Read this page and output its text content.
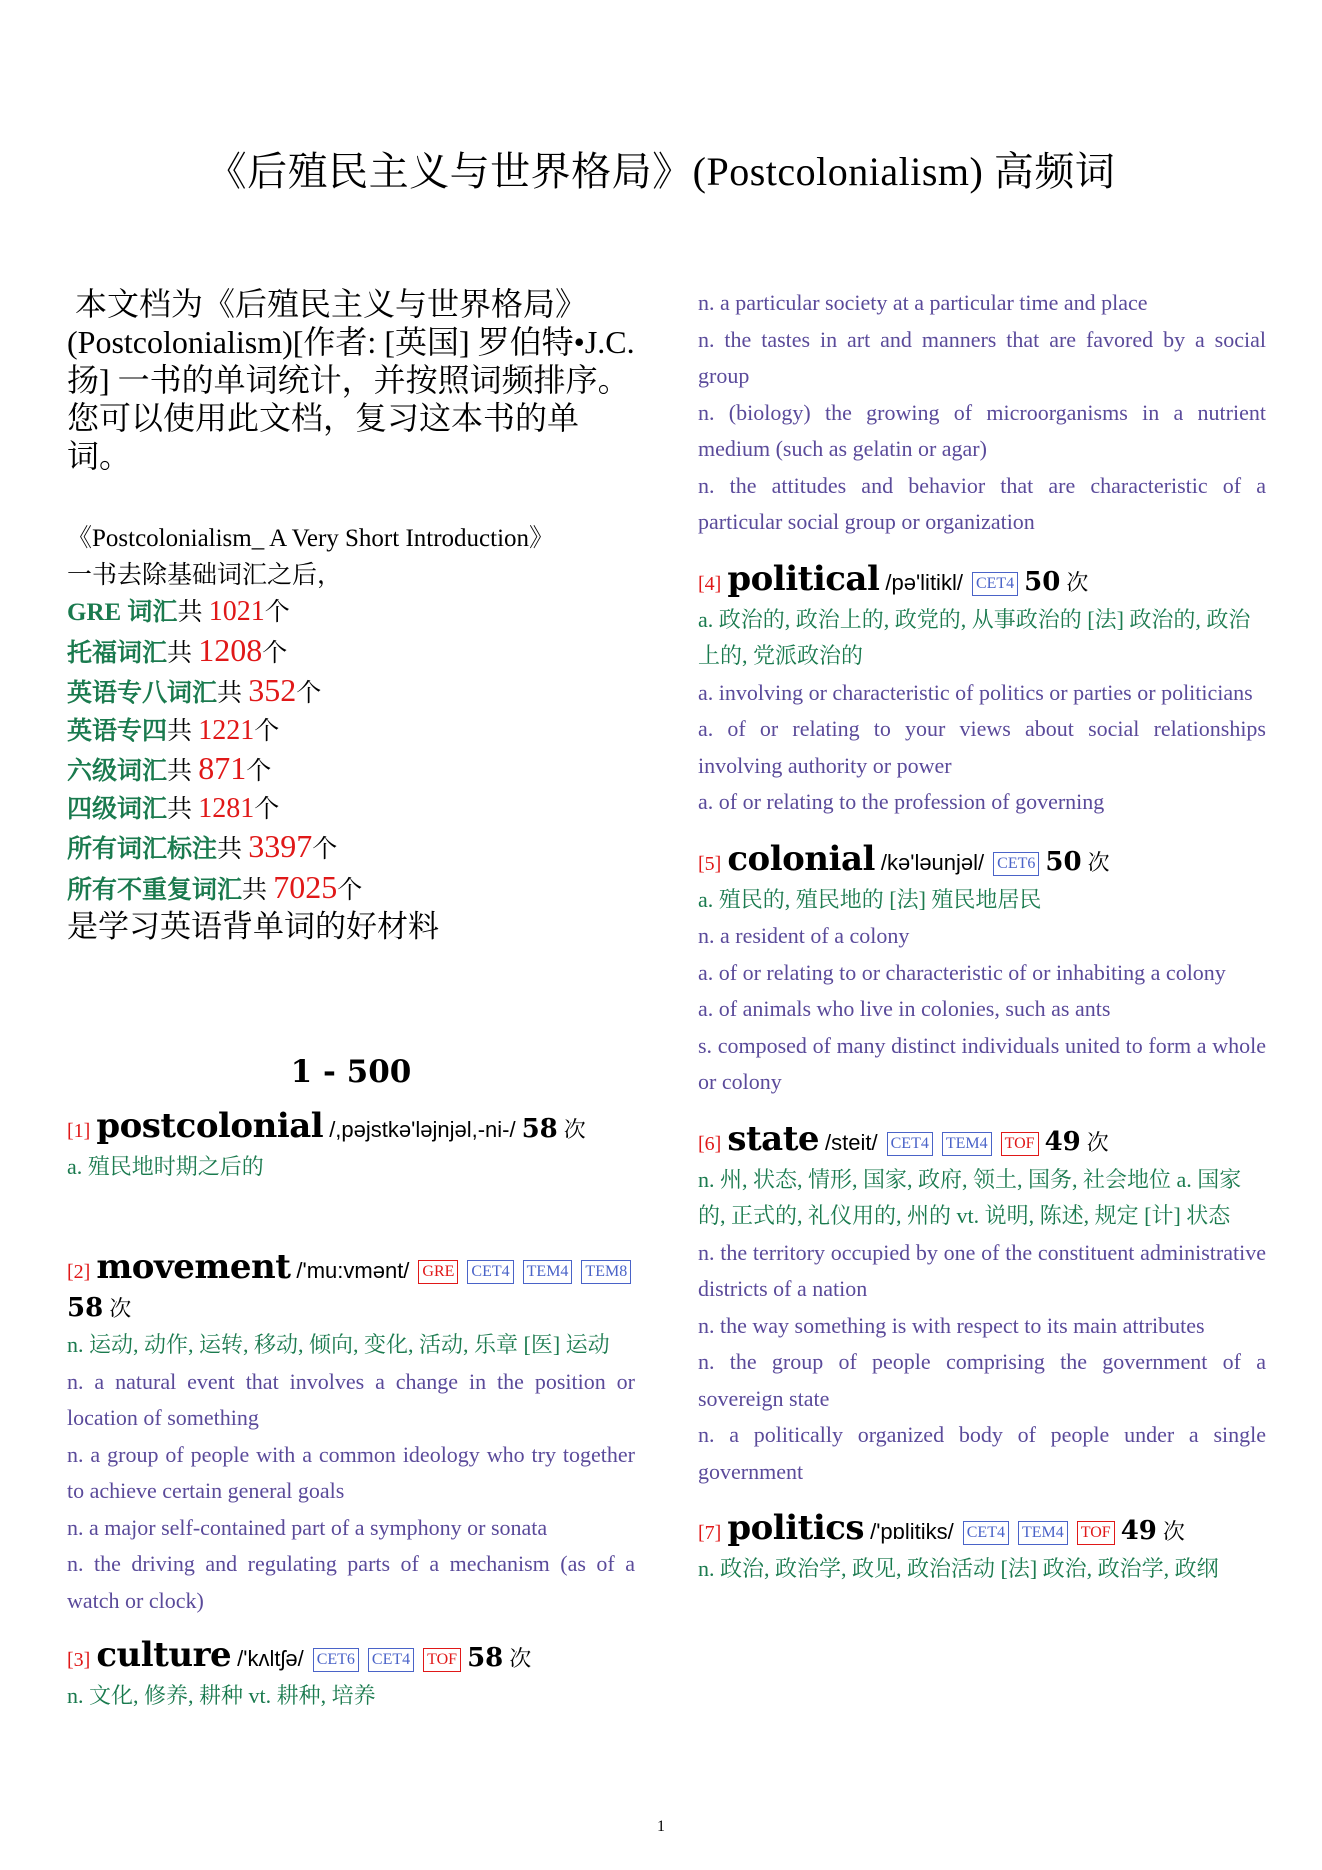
《后殖民主义与世界格局》(Postcolonialism) 高频词

本文档为《后殖民主义与世界格局》(Postcolonialism)[作者: [英国] 罗伯特•J.C. 扬] 一书的单词统计，并按照词频排序。

您可以使用此文档，复习这本书的单词。

《Postcolonialism_ A Very Short Introduction》
一书去除基础词汇之后，
GRE 词汇共 1021个
托福词汇共 1208个
英语专八词汇共 352个
英语专四共 1221个
六级词汇共 871个
四级词汇共 1281个
所有词汇标注共 3397个
所有不重复词汇共 7025个
是学习英语背单词的好材料
1 - 500
[1] postcolonial /,pəjstkə'ləjnjəl,-ni-/ 58 次
a. 殖民地时期之后的
[2] movement /'mu:vmənt/ GRE CET4 TEM4 TEM8 58 次
n. 运动, 动作, 运转, 移动, 倾向, 变化, 活动, 乐章 [医] 运动
n. a natural event that involves a change in the position or location of something
n. a group of people with a common ideology who try together to achieve certain general goals
n. a major self-contained part of a symphony or sonata
n. the driving and regulating parts of a mechanism (as of a watch or clock)
[3] culture /'kʌltʃə/ CET6 CET4 TOF 58 次
n. 文化, 修养, 耕种 vt. 耕种, 培养
n. a particular society at a particular time and place
n. the tastes in art and manners that are favored by a social group
n. (biology) the growing of microorganisms in a nutrient medium (such as gelatin or agar)
n. the attitudes and behavior that are characteristic of a particular social group or organization
[4] political /pə'litikl/ CET4 50 次
a. 政治的, 政治上的, 政党的, 从事政治的 [法] 政治的, 政治上的, 党派政治的
a. involving or characteristic of politics or parties or politicians
a. of or relating to your views about social relationships involving authority or power
a. of or relating to the profession of governing
[5] colonial /kə'ləunjəl/ CET6 50 次
a. 殖民的, 殖民地的 [法] 殖民地居民
n. a resident of a colony
a. of or relating to or characteristic of or inhabiting a colony
a. of animals who live in colonies, such as ants
s. composed of many distinct individuals united to form a whole or colony
[6] state /steit/ CET4 TEM4 TOF 49 次
n. 州, 状态, 情形, 国家, 政府, 领土, 国务, 社会地位 a. 国家的, 正式的, 礼仪用的, 州的 vt. 说明, 陈述, 规定 [计] 状态
n. the territory occupied by one of the constituent administrative districts of a nation
n. the way something is with respect to its main attributes
n. the group of people comprising the government of a sovereign state
n. a politically organized body of people under a single government
[7] politics /'pɒlitiks/ CET4 TEM4 TOF 49 次
n. 政治, 政治学, 政见, 政治活动 [法] 政治, 政治学, 政纲
1
